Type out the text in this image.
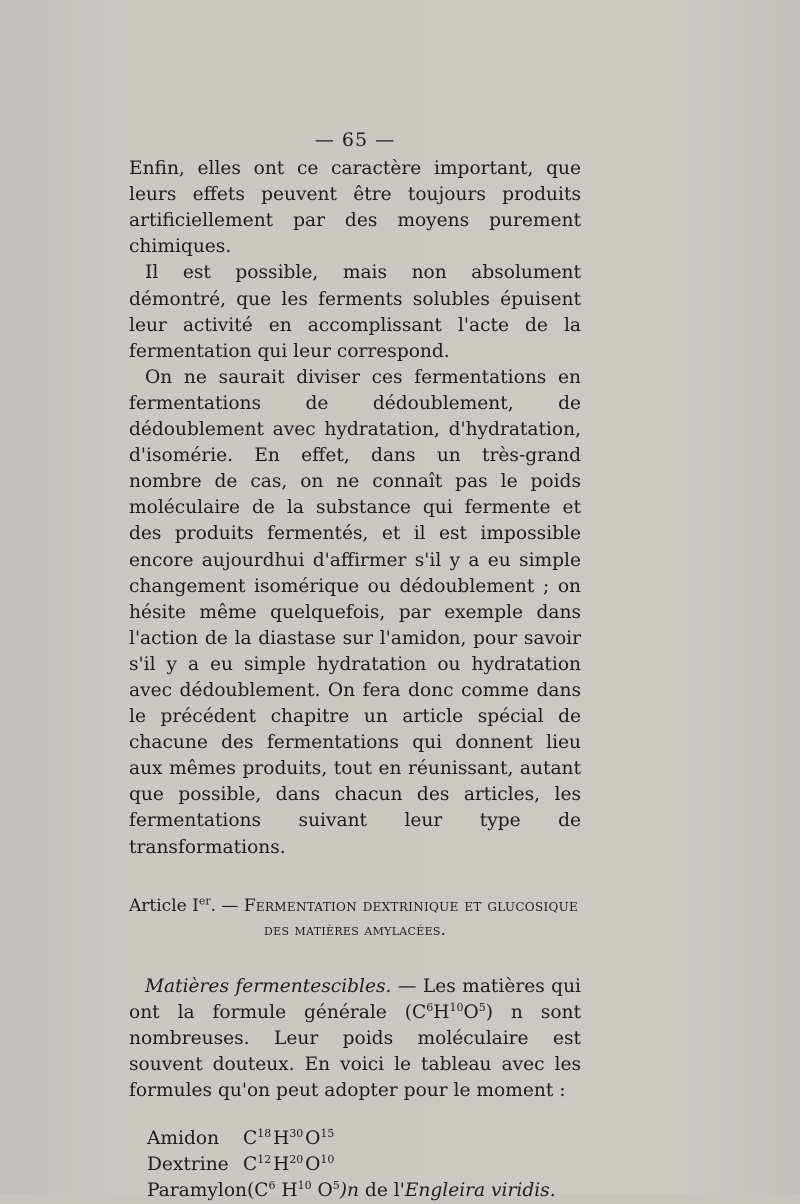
— 65 —

Enfin, elles ont ce caractère important, que leurs effets peuvent être toujours produits artificiellement par des moyens purement chimiques.

Il est possible, mais non absolument démontré, que les ferments solubles épuisent leur activité en accomplissant l'acte de la fermentation qui leur correspond.

On ne saurait diviser ces fermentations en fermentations de dédoublement, de dédoublement avec hydratation, d'hydratation, d'isomérie. En effet, dans un très-grand nombre de cas, on ne connaît pas le poids moléculaire de la substance qui fermente et des produits fermentés, et il est impossible encore aujourdhui d'affirmer s'il y a eu simple changement isomérique ou dédoublement ; on hésite même quelquefois, par exemple dans l'action de la diastase sur l'amidon, pour savoir s'il y a eu simple hydratation ou hydratation avec dédoublement. On fera donc comme dans le précédent chapitre un article spécial de chacune des fermentations qui donnent lieu aux mêmes produits, tout en réunissant, autant que possible, dans chacun des articles, les fermentations suivant leur type de transformations.

Article Ier. — Fermentation dextrinique et glucosique
des matières amylacées.

Matières fermentescibles. — Les matières qui ont la formule générale $(C^6H^{10}O^5)$ n sont nombreuses. Leur poids moléculaire est souvent douteux. En voici le tableau avec les formules qu'on peut adopter pour le moment :

Amidon	$C^{18}$ $H^{30}$ $O^{15}$
Dextrine $C^{12}$ $H^{20}$ $O^{10}$
Paramylon ($C^6$ $H^{10}$ $O^5)n$ de l'Engleira viridis.
